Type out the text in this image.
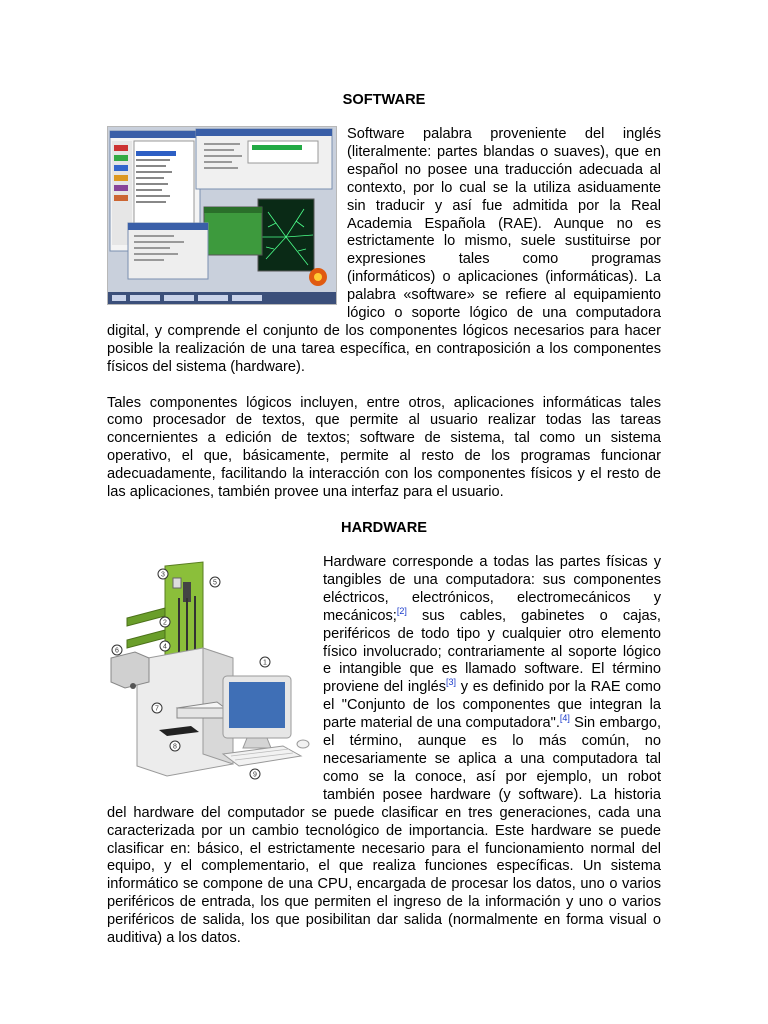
SOFTWARE

Software palabra proveniente del inglés (literalmente: partes blandas o suaves), que en español no posee una traducción adecuada al contexto, por lo cual se la utiliza asiduamente sin traducir y así fue admitida por la Real Academia Española (RAE). Aunque no es estrictamente lo mismo, suele sustituirse por expresiones tales como programas (informáticos) o aplicaciones (informáticas). La palabra «software» se refiere al equipamiento lógico o soporte lógico de una computadora digital, y comprende el conjunto de los componentes lógicos necesarios para hacer posible la realización de una tarea específica, en contraposición a los componentes físicos del sistema (hardware).

Tales componentes lógicos incluyen, entre otros, aplicaciones informáticas tales como procesador de textos, que permite al usuario realizar todas las tareas concernientes a edición de textos; software de sistema, tal como un sistema operativo, el que, básicamente, permite al resto de los programas funcionar adecuadamente, facilitando la interacción con los componentes físicos y el resto de las aplicaciones, también provee una interfaz para el usuario.

HARDWARE
3
5
2
4
6
1
7
8
9

Hardware corresponde a todas las partes físicas y tangibles de una computadora: sus componentes eléctricos, electrónicos, electromecánicos y mecánicos;[2] sus cables, gabinetes o cajas, periféricos de todo tipo y cualquier otro elemento físico involucrado; contrariamente al soporte lógico e intangible que es llamado software. El término proviene del inglés[3] y es definido por la RAE como el "Conjunto de los componentes que integran la parte material de una computadora".[4] Sin embargo, el término, aunque es lo más común, no necesariamente se aplica a una computadora tal como se la conoce, así por ejemplo, un robot también posee hardware (y software). La historia del hardware del computador se puede clasificar en tres generaciones, cada una caracterizada por un cambio tecnológico de importancia. Este hardware se puede clasificar en: básico, el estrictamente necesario para el funcionamiento normal del equipo, y el complementario, el que realiza funciones específicas. Un sistema informático se compone de una CPU, encargada de procesar los datos, uno o varios periféricos de entrada, los que permiten el ingreso de la información y uno o varios periféricos de salida, los que posibilitan dar salida (normalmente en forma visual o auditiva) a los datos.
